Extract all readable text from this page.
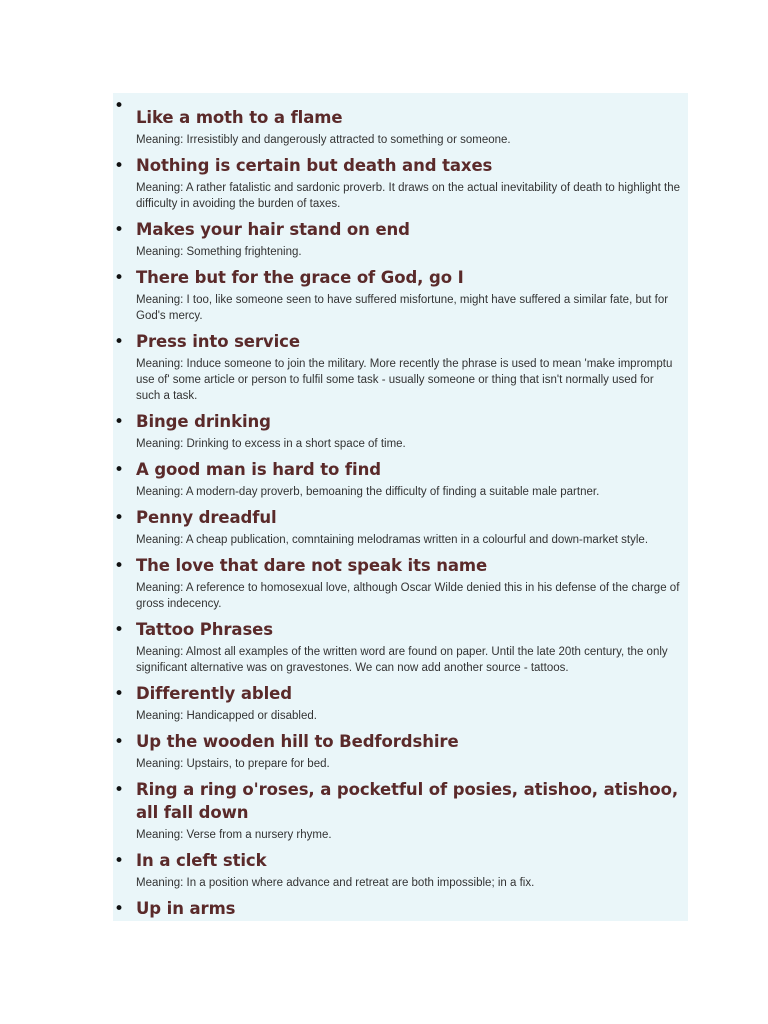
•
Like a moth to a flame
Meaning: Irresistibly and dangerously attracted to something or someone.
• Nothing is certain but death and taxes
Meaning: A rather fatalistic and sardonic proverb. It draws on the actual inevitability of death to highlight the difficulty in avoiding the burden of taxes.
• Makes your hair stand on end
Meaning: Something frightening.
• There but for the grace of God, go I
Meaning: I too, like someone seen to have suffered misfortune, might have suffered a similar fate, but for God's mercy.
• Press into service
Meaning: Induce someone to join the military. More recently the phrase is used to mean 'make impromptu use of' some article or person to fulfil some task - usually someone or thing that isn't normally used for such a task.
• Binge drinking
Meaning: Drinking to excess in a short space of time.
• A good man is hard to find
Meaning: A modern-day proverb, bemoaning the difficulty of finding a suitable male partner.
• Penny dreadful
Meaning: A cheap publication, comntaining melodramas written in a colourful and down-market style.
• The love that dare not speak its name
Meaning: A reference to homosexual love, although Oscar Wilde denied this in his defense of the charge of gross indecency.
• Tattoo Phrases
Meaning: Almost all examples of the written word are found on paper. Until the late 20th century, the only significant alternative was on gravestones. We can now add another source - tattoos.
• Differently abled
Meaning: Handicapped or disabled.
• Up the wooden hill to Bedfordshire
Meaning: Upstairs, to prepare for bed.
• Ring a ring o'roses, a pocketful of posies, atishoo, atishoo, all fall down
Meaning: Verse from a nursery rhyme.
• In a cleft stick
Meaning: In a position where advance and retreat are both impossible; in a fix.
• Up in arms
